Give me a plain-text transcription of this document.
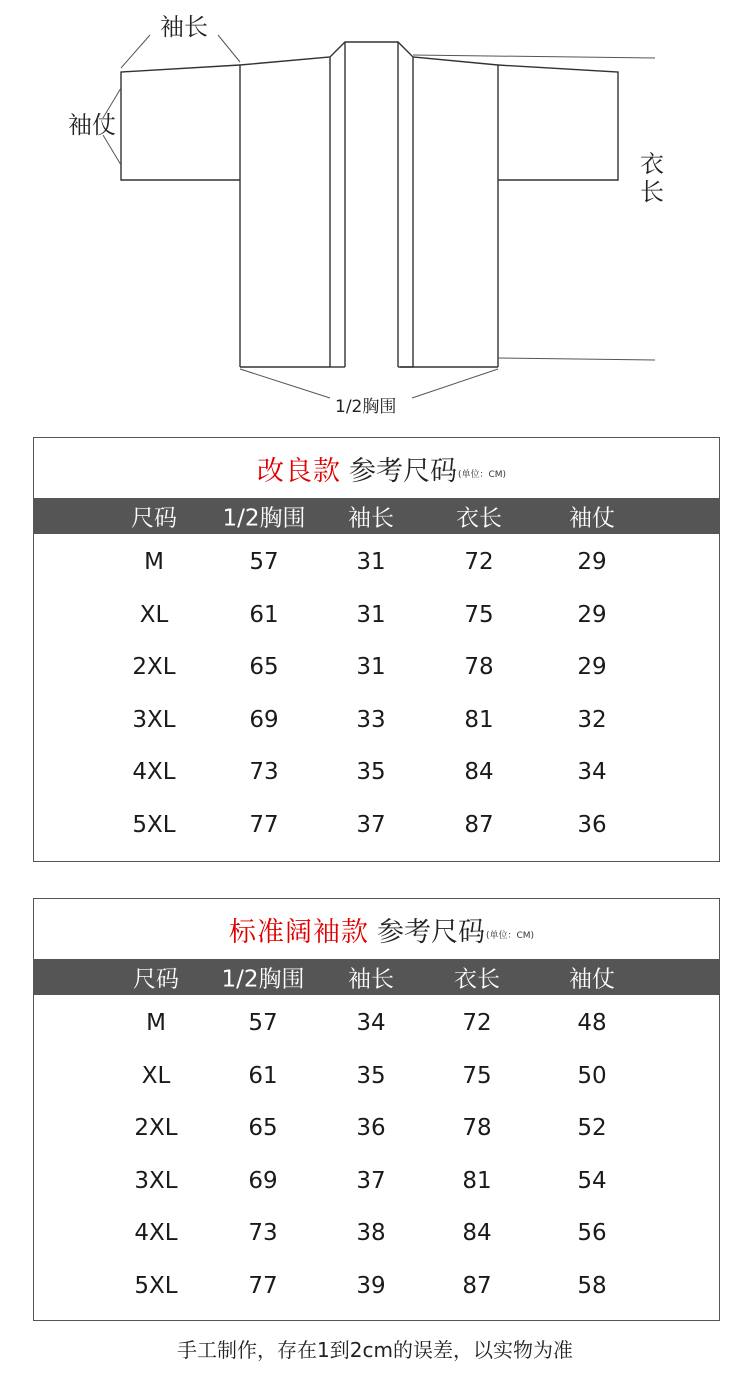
袖长
袖仗
衣长
1/2胸围
改良款 参考尺码 (单位：CM)
尺码	1/2胸围	袖长	衣长	袖仗
M	57	31	72	29
XL	61	31	75	29
2XL	65	31	78	29
3XL	69	33	81	32
4XL	73	35	84	34
5XL	77	37	87	36
标准阔袖款 参考尺码 (单位：CM)
尺码	1/2胸围	袖长	衣长	袖仗
M	57	34	72	48
XL	61	35	75	50
2XL	65	36	78	52
3XL	69	37	81	54
4XL	73	38	84	56
5XL	77	39	87	58
手工制作，存在1到2cm的误差，以实物为准
